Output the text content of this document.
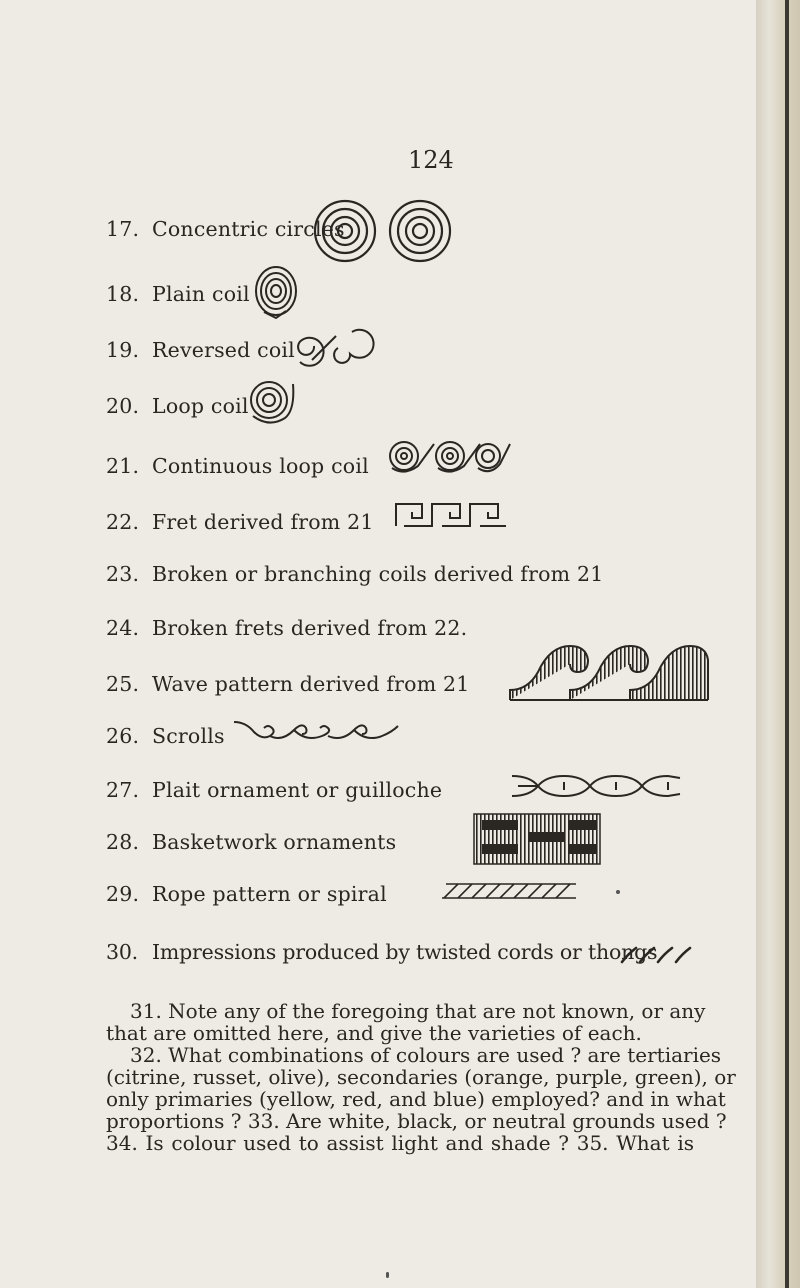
124
17. Concentric circles
18. Plain coil
19. Reversed coil
20. Loop coil
21. Continuous loop coil
22. Fret derived from 21
23. Broken or branching coils derived from 21
24. Broken frets derived from 22.
25. Wave pattern derived from 21
26. Scrolls
27. Plait ornament or guilloche
28. Basketwork ornaments
29. Rope pattern or spiral
30. Impressions produced by twisted cords or thongs
31. Note any of the foregoing that are not known, or any
that are omitted here, and give the varieties of each.
32. What combinations of colours are used ? are tertiaries
(citrine, russet, olive), secondaries (orange, purple, green), or
only primaries (yellow, red, and blue) employed? and in what
proportions ? 33. Are white, black, or neutral grounds used ?
34. Is colour used to assist light and shade ? 35. What is
